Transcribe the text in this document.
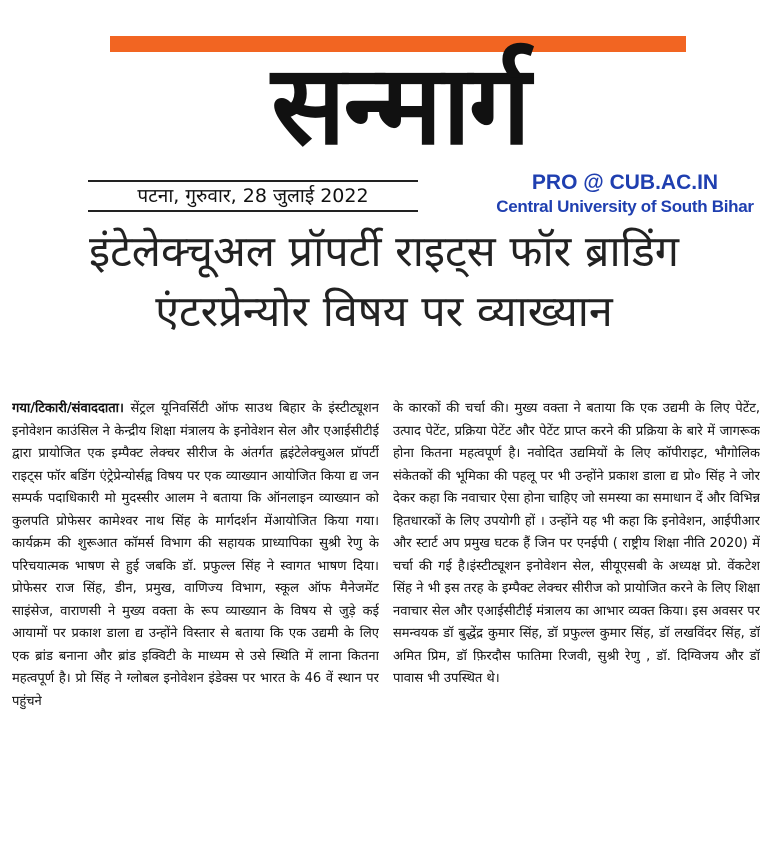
सन्मार्ग
पटना, गुरुवार, 28 जुलाई 2022
PRO @ CUB.AC.IN
Central University of South Bihar
इंटेलेक्चूअल प्रॉपर्टी राइट्स फॉर ब्राडिंग
एंटरप्रेन्योर विषय पर व्याख्यान

गया/टिकारी/संवाददाता। सेंट्रल यूनिवर्सिटी ऑफ साउथ बिहार के इंस्टीट्यूशन इनोवेशन काउंसिल ने केन्द्रीय शिक्षा मंत्रालय के इनोवेशन सेल और एआईसीटीई द्वारा प्रायोजित एक इम्पैक्ट लेक्चर सीरीज के अंतर्गत ह्लइंटेलेक्चुअल प्रॉपर्टी राइट्स फॉर बडिंग एंट्रेप्रेन्योर्सह्व विषय पर एक व्याख्यान आयोजित किया द्य जन सम्पर्क पदाधिकारी मो मुदस्सीर आलम ने बताया कि ऑनलाइन व्याख्यान को कुलपति प्रोफेसर कामेश्वर नाथ सिंह के मार्गदर्शन मेंआयोजित किया गया।कार्यक्रम की शुरूआत कॉमर्स विभाग की सहायक प्राध्यापिका सुश्री रेणु के परिचयात्मक भाषण से हुई जबकि डॉ. प्रफुल्ल सिंह ने स्वागत भाषण दिया। प्रोफेसर राज सिंह, डीन, प्रमुख, वाणिज्य विभाग, स्कूल ऑफ मैनेजमेंट साइंसेज, वाराणसी ने मुख्य वक्ता के रूप व्याख्यान के विषय से जुड़े कई आयामों पर प्रकाश डाला द्य उन्होंने विस्तार से बताया कि एक उद्यमी के लिए एक ब्रांड बनाना और ब्रांड इक्विटी के माध्यम से उसे स्थिति में लाना कितना महत्वपूर्ण है। प्रो सिंह ने ग्लोबल इनोवेशन इंडेक्स पर भारत के 46 वें स्थान पर पहुंचने

के कारकों की चर्चा की। मुख्य वक्ता ने बताया कि एक उद्यमी के लिए पेटेंट, उत्पाद पेटेंट, प्रक्रिया पेटेंट और पेटेंट प्राप्त करने की प्रक्रिया के बारे में जागरूक होना कितना महत्वपूर्ण है। नवोदित उद्यमियों के लिए कॉपीराइट, भौगोलिक संकेतकों की भूमिका की पहलू पर भी उन्होंने प्रकाश डाला द्य प्रो० सिंह ने जोर देकर कहा कि नवाचार ऐसा होना चाहिए जो समस्या का समाधान दें और विभिन्न हितधारकों के लिए उपयोगी हों । उन्होंने यह भी कहा कि इनोवेशन, आईपीआर और स्टार्ट अप प्रमुख घटक हैं जिन पर एनईपी ( राष्ट्रीय शिक्षा नीति 2020) में चर्चा की गई है।इंस्टीट्यूशन इनोवेशन सेल, सीयूएसबी के अध्यक्ष प्रो. वेंकटेश सिंह ने भी इस तरह के इम्पैक्ट लेक्चर सीरीज को प्रायोजित करने के लिए शिक्षा नवाचार सेल और एआईसीटीई मंत्रालय का आभार व्यक्त किया। इस अवसर पर समन्वयक डॉ बुद्धेंद्र कुमार सिंह, डॉ प्रफुल्ल कुमार सिंह, डॉ लखविंदर सिंह, डॉ अमित प्रिम, डॉ फ़िरदौस फातिमा रिजवी, सुश्री रेणु , डॉ. दिग्विजय और डॉ पावास भी उपस्थित थे।
